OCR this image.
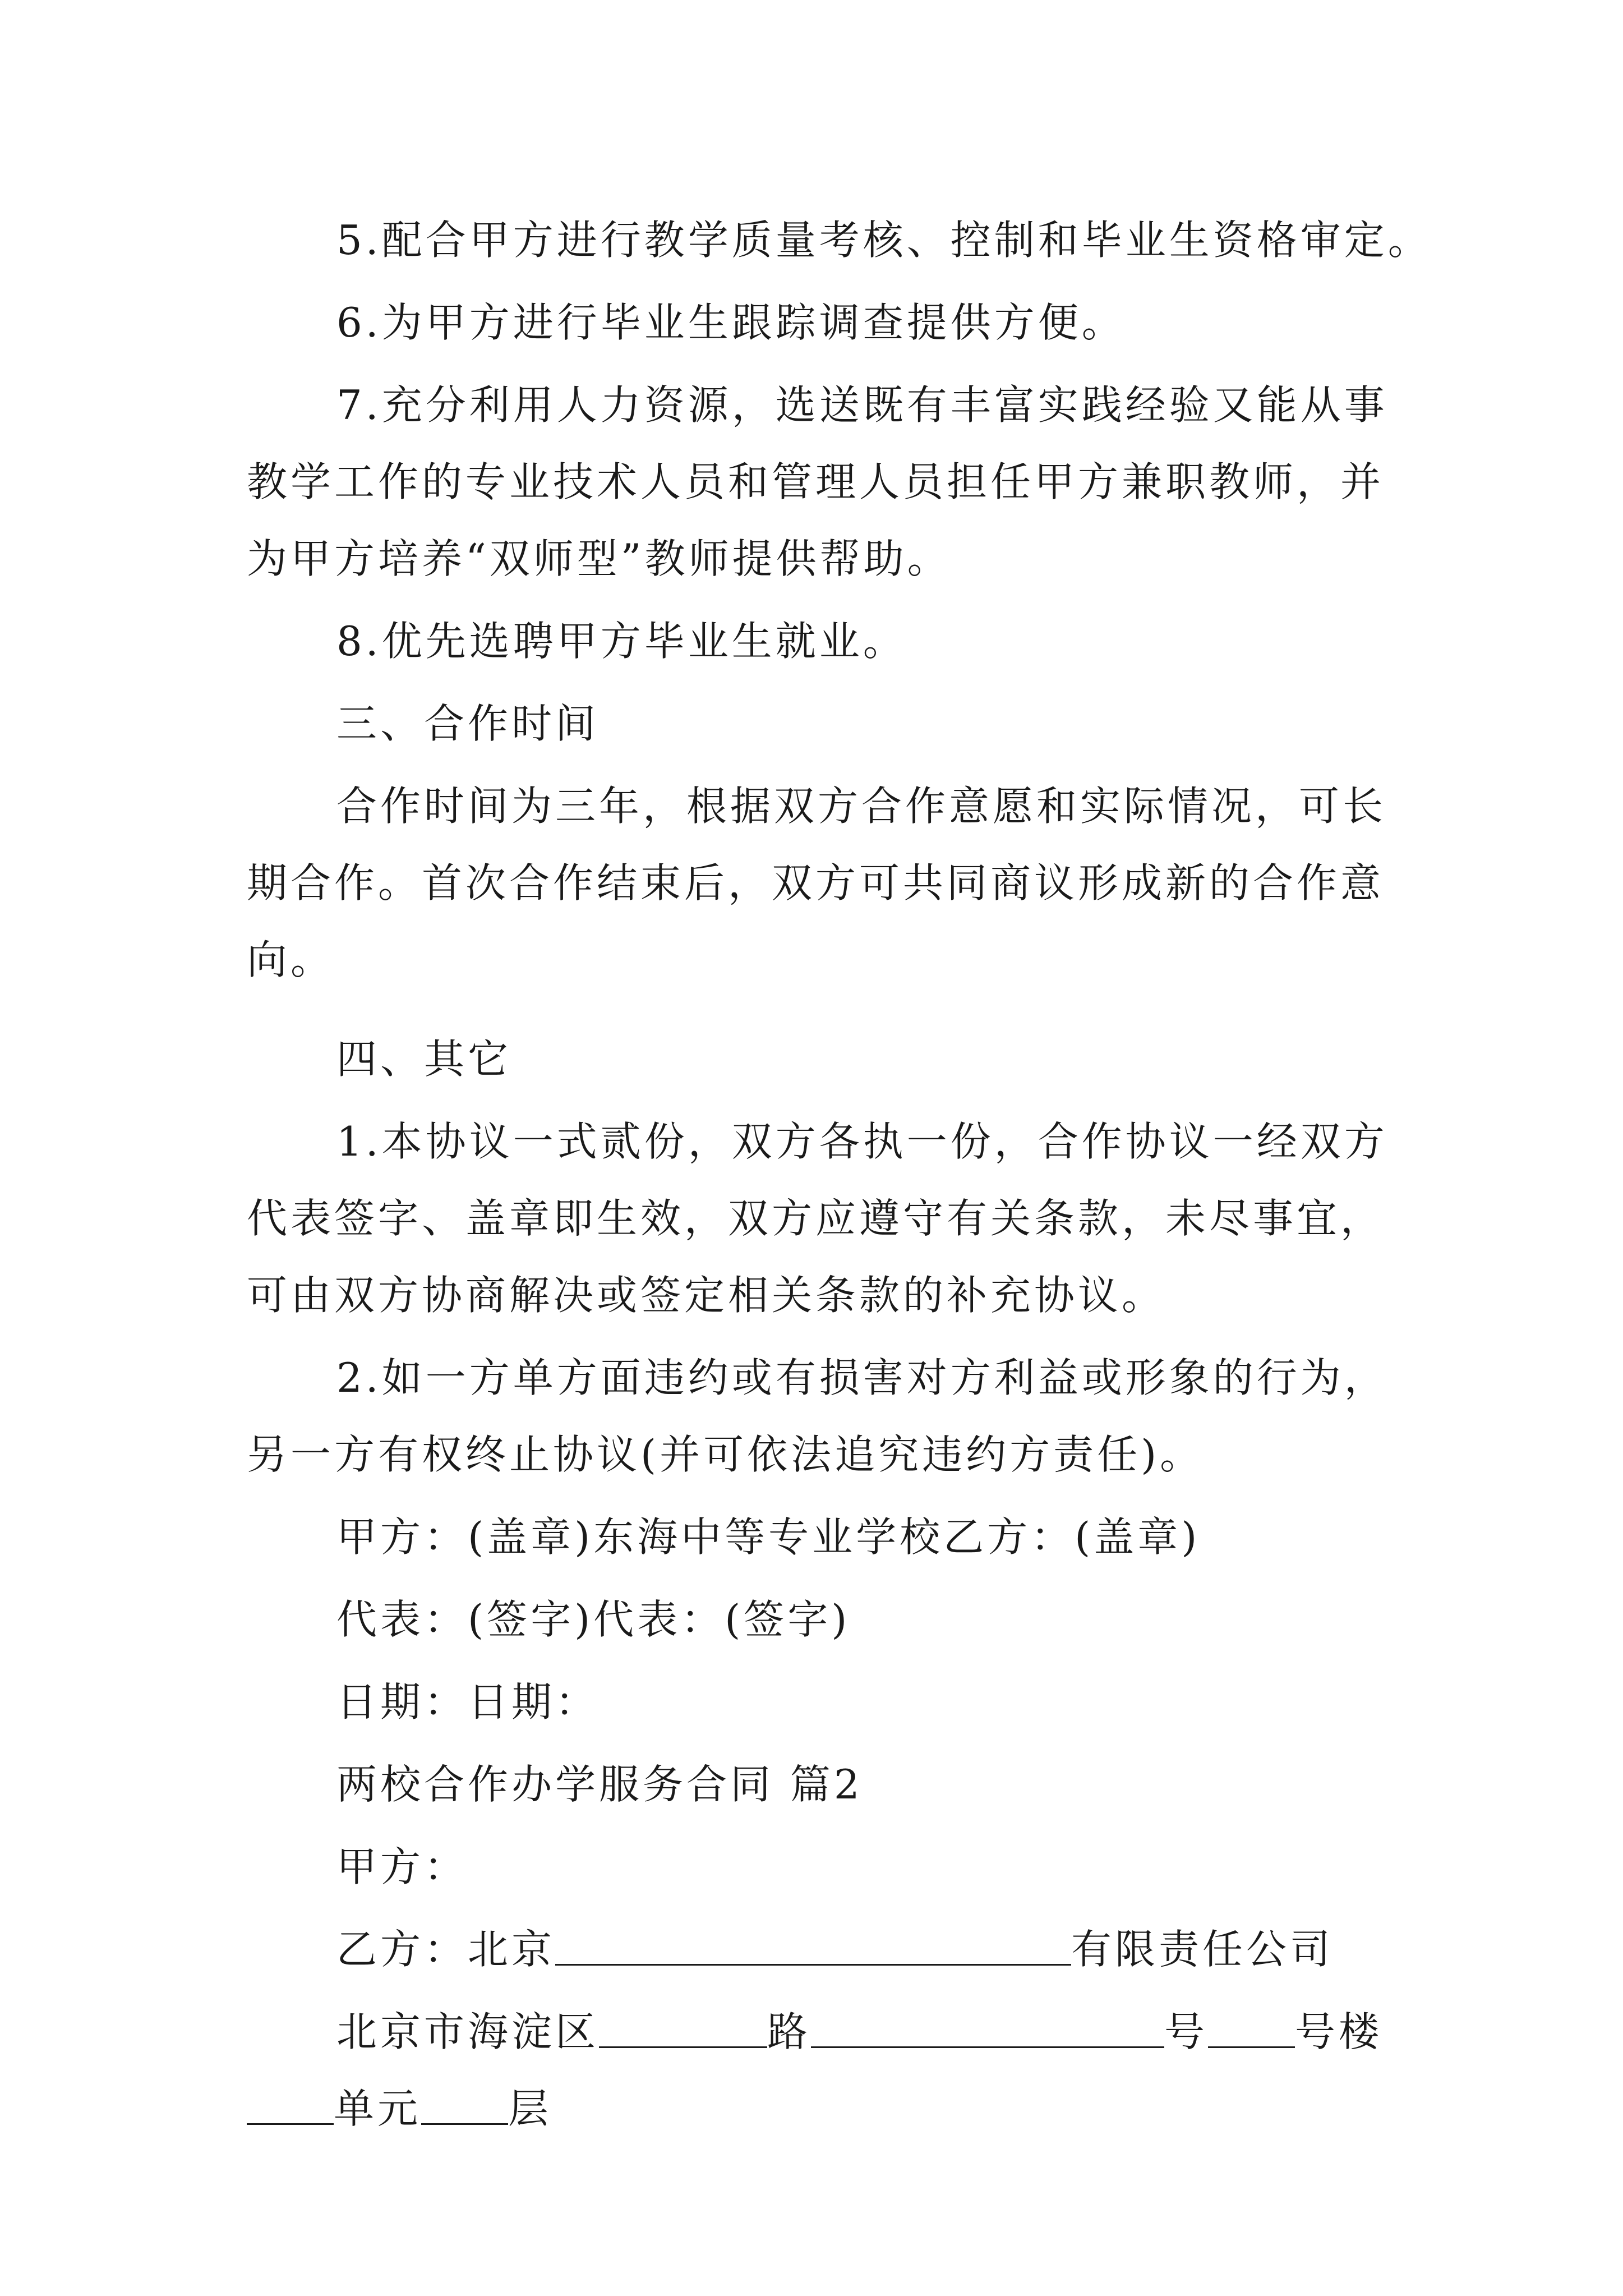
5.配合甲方进行教学质量考核、控制和毕业生资格审定。
6.为甲方进行毕业生跟踪调查提供方便。
7.充分利用人力资源，选送既有丰富实践经验又能从事
教学工作的专业技术人员和管理人员担任甲方兼职教师，并
为甲方培养“双师型”教师提供帮助。
8.优先选聘甲方毕业生就业。
三、合作时间
合作时间为三年，根据双方合作意愿和实际情况，可长
期合作。首次合作结束后，双方可共同商议形成新的合作意
向。
四、其它
1.本协议一式贰份，双方各执一份，合作协议一经双方
代表签字、盖章即生效，双方应遵守有关条款，未尽事宜，
可由双方协商解决或签定相关条款的补充协议。
2.如一方单方面违约或有损害对方利益或形象的行为，
另一方有权终止协议(并可依法追究违约方责任)。
甲方：(盖章)东海中等专业学校乙方：(盖章)
代表：(签字)代表：(签字)
日期：日期：
两校合作办学服务合同 篇2
甲方：
乙方：北京	有限责任公司
北京市海淀区	路	号 号楼
单元 层
